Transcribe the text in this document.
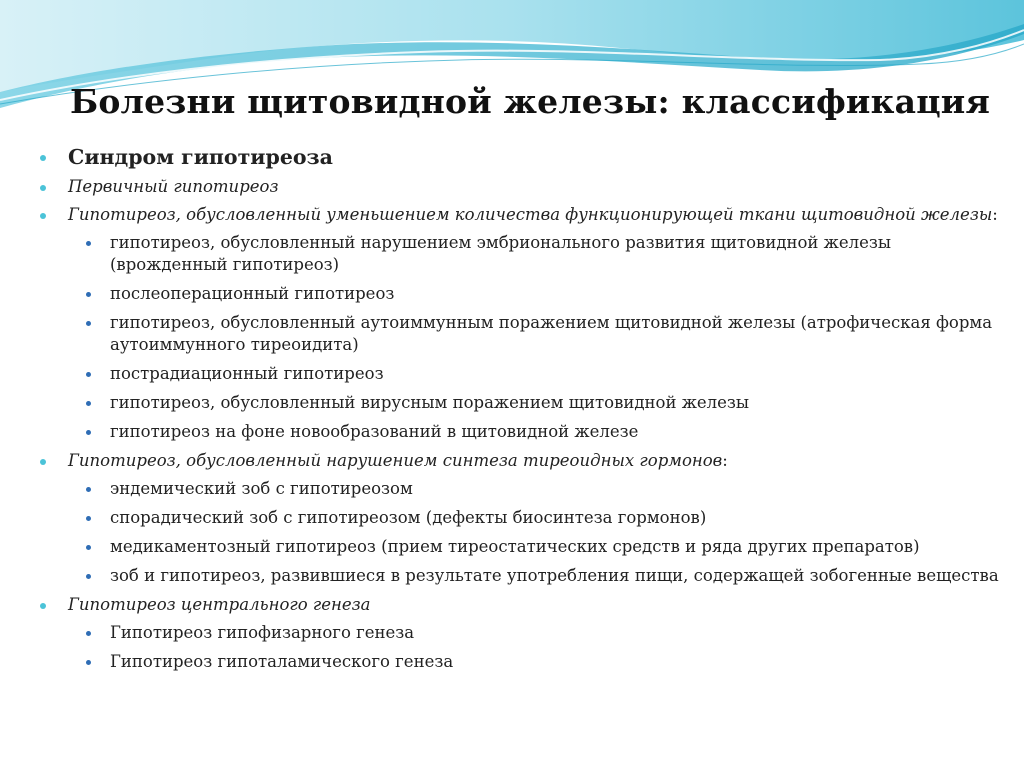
Болезни щитовидной железы: классификация
Синдром гипотиреоза
Первичный гипотиреоз
Гипотиреоз, обусловленный уменьшением количества функционирующей ткани щитовидной железы:
гипотиреоз, обусловленный нарушением эмбрионального развития щитовидной железы (врожденный гипотиреоз)
послеоперационный гипотиреоз
гипотиреоз, обусловленный аутоиммунным поражением щитовидной железы (атрофическая форма аутоиммунного тиреоидита)
пострадиационный гипотиреоз
гипотиреоз, обусловленный вирусным поражением щитовидной железы
гипотиреоз на фоне новообразований в щитовидной железе
Гипотиреоз, обусловленный нарушением синтеза тиреоидных гормонов:
эндемический зоб с гипотиреозом
спорадический зоб с гипотиреозом (дефекты биосинтеза гормонов)
медикаментозный гипотиреоз (прием тиреостатических средств и ряда других препаратов)
зоб и гипотиреоз, развившиеся в результате употребления пищи, содержащей зобогенные вещества
Гипотиреоз центрального генеза
Гипотиреоз гипофизарного генеза
Гипотиреоз гипоталамического генеза
